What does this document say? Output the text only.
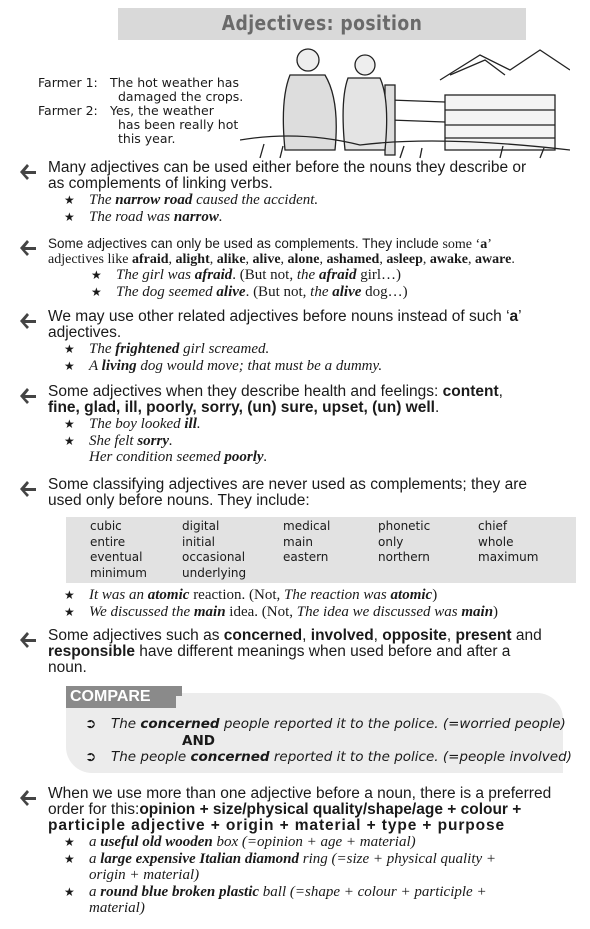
Adjectives: position
Farmer 1: The hot weather has
damaged the crops.
Farmer 2: Yes, the weather
has been really hot
this year.
Many adjectives can be used either before the nouns they describe or
as complements of linking verbs.
★ The narrow road caused the accident.
★ The road was narrow.
Some adjectives can only be used as complements. They include some ‘a’
adjectives like afraid, alight, alike, alive, alone, ashamed, asleep, awake, aware.
★ The girl was afraid. (But not, the afraid girl…)
★ The dog seemed alive. (But not, the alive dog…)
We may use other related adjectives before nouns instead of such ‘a’
adjectives.
★ The frightened girl screamed.
★ A living dog would move; that must be a dummy.
Some adjectives when they describe health and feelings: content,
fine, glad, ill, poorly, sorry, (un) sure, upset, (un) well.
★ The boy looked ill.
★ She felt sorry.
Her condition seemed poorly.
Some classifying adjectives are never used as complements; they are
used only before nouns. They include:
cubic	digital	medical	phonetic	chief
entire	initial	main	only	whole
eventual	occasional	eastern	northern	maximum
minimum	underlying
★ It was an atomic reaction. (Not, The reaction was atomic)
★ We discussed the main idea. (Not, The idea we discussed was main)
Some adjectives such as concerned, involved, opposite, present and
responsible have different meanings when used before and after a
noun.
COMPARE
➲	The concerned people reported it to the police. (=worried people)
AND
➲	The people concerned reported it to the police. (=people involved)
When we use more than one adjective before a noun, there is a preferred
order for this:opinion + size/physical quality/shape/age + colour +
participle adjective + origin + material + type + purpose
★ a useful old wooden box (=opinion + age + material)
★ a large expensive Italian diamond ring (=size + physical quality +
origin + material)
★ a round blue broken plastic ball (=shape + colour + participle +
material)
